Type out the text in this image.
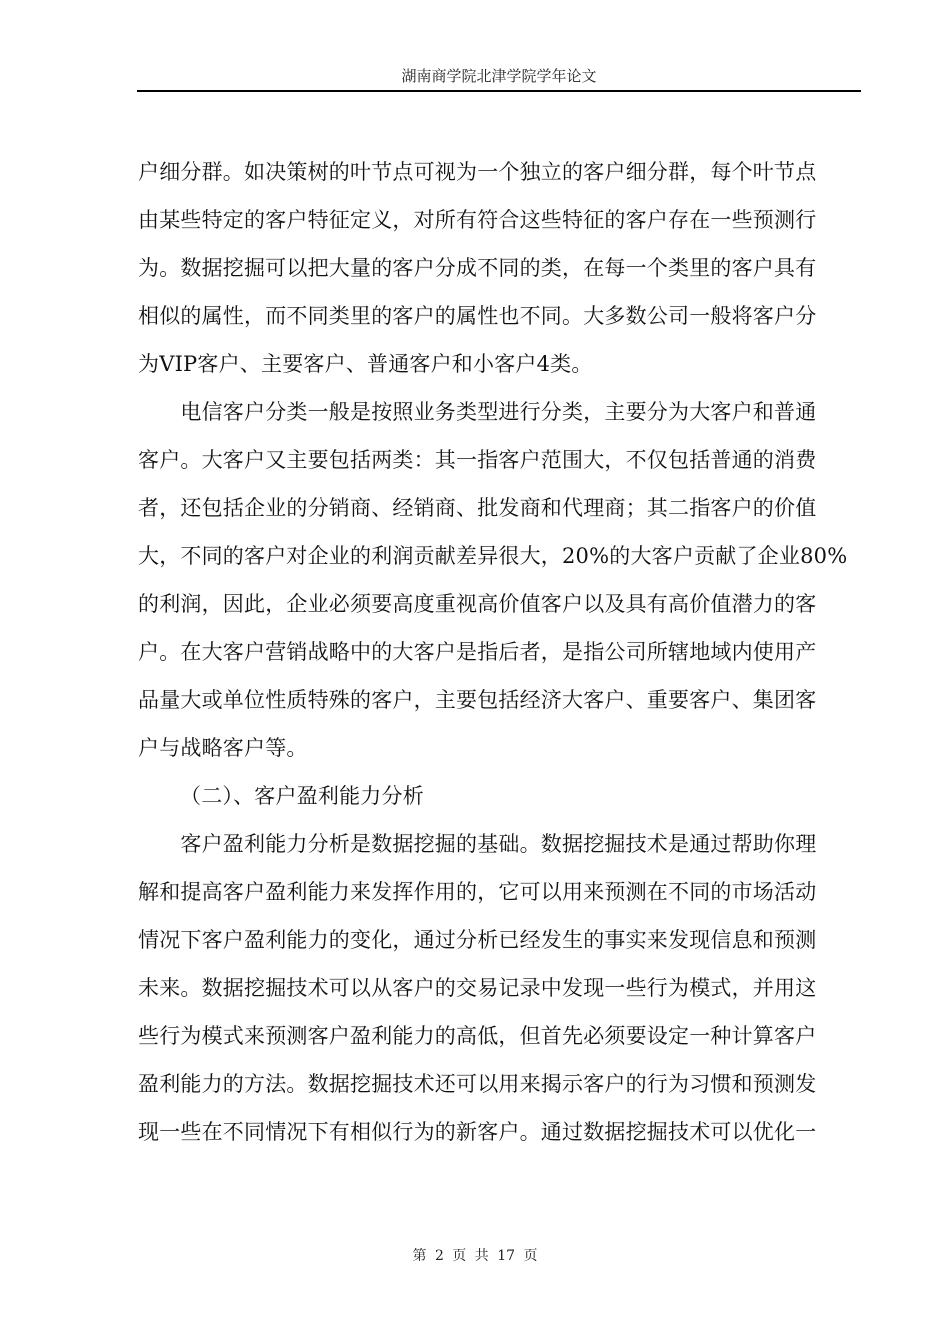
湖南商学院北津学院学年论文
户细分群。如决策树的叶节点可视为一个独立的客户细分群，每个叶节点
由某些特定的客户特征定义，对所有符合这些特征的客户存在一些预测行
为。数据挖掘可以把大量的客户分成不同的类，在每一个类里的客户具有
相似的属性，而不同类里的客户的属性也不同。大多数公司一般将客户分
为VIP客户、主要客户、普通客户和小客户4类。
　　电信客户分类一般是按照业务类型进行分类，主要分为大客户和普通
客户。大客户又主要包括两类：其一指客户范围大，不仅包括普通的消费
者，还包括企业的分销商、经销商、批发商和代理商；其二指客户的价值
大，不同的客户对企业的利润贡献差异很大，20%的大客户贡献了企业80%
的利润，因此，企业必须要高度重视高价值客户以及具有高价值潜力的客
户。在大客户营销战略中的大客户是指后者，是指公司所辖地域内使用产
品量大或单位性质特殊的客户，主要包括经济大客户、重要客户、集团客
户与战略客户等。
（二）、客户盈利能力分析
　　客户盈利能力分析是数据挖掘的基础。数据挖掘技术是通过帮助你理
解和提高客户盈利能力来发挥作用的，它可以用来预测在不同的市场活动
情况下客户盈利能力的变化，通过分析已经发生的事实来发现信息和预测
未来。数据挖掘技术可以从客户的交易记录中发现一些行为模式，并用这
些行为模式来预测客户盈利能力的高低，但首先必须要设定一种计算客户
盈利能力的方法。数据挖掘技术还可以用来揭示客户的行为习惯和预测发
现一些在不同情况下有相似行为的新客户。通过数据挖掘技术可以优化一
第 2 页 共 17 页
